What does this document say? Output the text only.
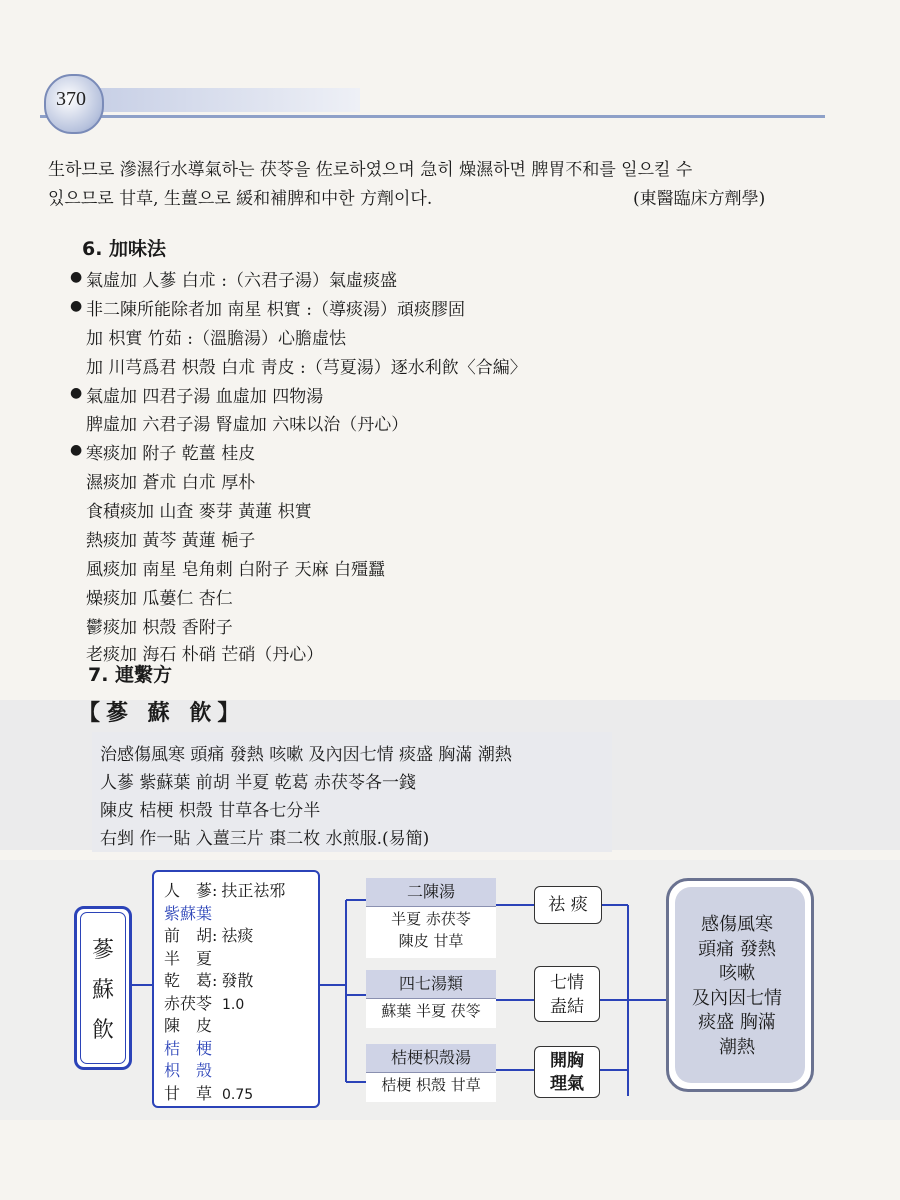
370
生하므로 滲濕行水導氣하는 茯苓을 佐로하였으며 急히 燥濕하면 脾胃不和를 일으킬 수
있으므로 甘草, 生薑으로 緩和補脾和中한 方劑이다.	(東醫臨床方劑學)
6. 加味法
● 氣虛加 人蔘 白朮 :（六君子湯）氣虛痰盛
● 非二陳所能除者加 南星 枳實 :（導痰湯）頑痰膠固
加 枳實 竹茹 :（溫膽湯）心膽虛怯
加 川芎爲君 枳殼 白朮 靑皮 :（芎夏湯）逐水利飮〈合編〉
● 氣虛加 四君子湯 血虛加 四物湯
脾虛加 六君子湯 腎虛加 六味以治（丹心）
● 寒痰加 附子 乾薑 桂皮
濕痰加 蒼朮 白朮 厚朴
食積痰加 山査 麥芽 黃蓮 枳實
熱痰加 黃芩 黃蓮 梔子
風痰加 南星 皂角刺 白附子 天麻 白殭蠶
燥痰加 瓜蔞仁 杏仁
鬱痰加 枳殼 香附子
老痰加 海石 朴硝 芒硝（丹心）
7. 連繫方
【蔘 蘇 飮】
治感傷風寒 頭痛 發熱 咳嗽 及內因七情 痰盛 胸滿 潮熱
人蔘 紫蘇葉 前胡 半夏 乾葛 赤茯苓各一錢
陳皮 桔梗 枳殼 甘草各七分半
右剉 作一貼 入薑三片 棗二枚 水煎服.(易簡)
蔘
蘇
飮
人　蔘: 扶正祛邪
紫蘇葉
前　胡: 祛痰
半　夏
乾　葛: 發散
赤茯苓 1.0
陳　皮
桔　梗
枳　殼
甘　草 0.75
二陳湯
半夏 赤茯苓
陳皮 甘草
四七湯類
蘇葉 半夏 茯笭
桔梗枳殼湯
桔梗 枳殼 甘草
祛 痰
七情
盍結
開胸
理氣
感傷風寒
頭痛 發熱
咳嗽
及內因七情
痰盛 胸滿
潮熱
